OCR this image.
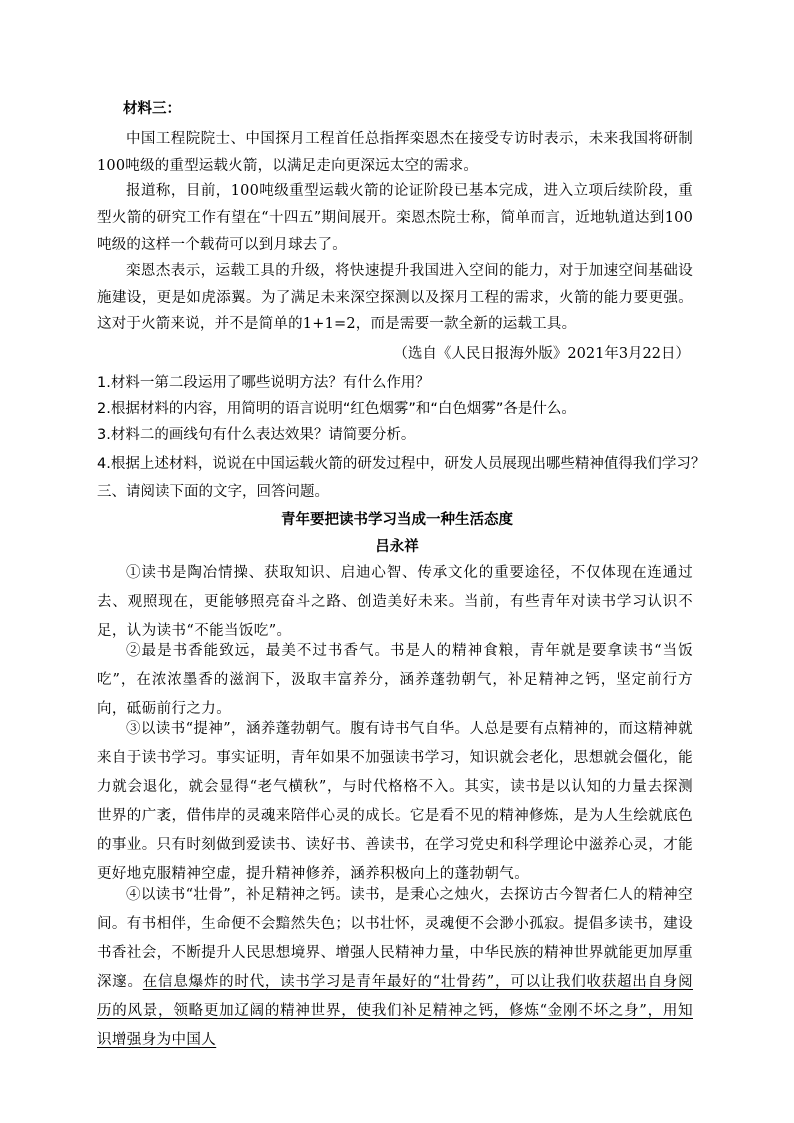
材料三：
中国工程院院士、中国探月工程首任总指挥栾恩杰在接受专访时表示，未来我国将研制100吨级的重型运载火箭，以满足走向更深远太空的需求。
报道称，目前，100吨级重型运载火箭的论证阶段已基本完成，进入立项后续阶段，重型火箭的研究工作有望在“十四五”期间展开。栾恩杰院士称，简单而言，近地轨道达到100吨级的这样一个载荷可以到月球去了。
栾恩杰表示，运载工具的升级，将快速提升我国进入空间的能力，对于加速空间基础设施建设，更是如虎添翼。为了满足未来深空探测以及探月工程的需求，火箭的能力要更强。这对于火箭来说，并不是简单的1+1=2，而是需要一款全新的运载工具。
（选自《人民日报海外版》2021年3月22日）
1.材料一第二段运用了哪些说明方法？有什么作用？
2.根据材料的内容，用简明的语言说明“红色烟雾”和“白色烟雾”各是什么。
3.材料二的画线句有什么表达效果？请简要分析。
4.根据上述材料，说说在中国运载火箭的研发过程中，研发人员展现出哪些精神值得我们学习？
三、请阅读下面的文字，回答问题。
青年要把读书学习当成一种生活态度
吕永祥
①读书是陶冶情操、获取知识、启迪心智、传承文化的重要途径，不仅体现在连通过去、观照现在，更能够照亮奋斗之路、创造美好未来。当前，有些青年对读书学习认识不足，认为读书“不能当饭吃”。
②最是书香能致远，最美不过书香气。书是人的精神食粮，青年就是要拿读书“当饭吃”，在浓浓墨香的滋润下，汲取丰富养分，涵养蓬勃朝气，补足精神之钙，坚定前行方向，砥砺前行之力。
③以读书“提神”，涵养蓬勃朝气。腹有诗书气自华。人总是要有点精神的，而这精神就来自于读书学习。事实证明，青年如果不加强读书学习，知识就会老化，思想就会僵化，能力就会退化，就会显得“老气横秋”，与时代格格不入。其实，读书是以认知的力量去探测世界的广袤，借伟岸的灵魂来陪伴心灵的成长。它是看不见的精神修炼，是为人生绘就底色的事业。只有时刻做到爱读书、读好书、善读书，在学习党史和科学理论中滋养心灵，才能更好地克服精神空虚，提升精神修养，涵养积极向上的蓬勃朝气。
④以读书“壮骨”，补足精神之钙。读书，是秉心之烛火，去探访古今智者仁人的精神空间。有书相伴，生命便不会黯然失色；以书壮怀，灵魂便不会渺小孤寂。提倡多读书，建设书香社会，不断提升人民思想境界、增强人民精神力量，中华民族的精神世界就能更加厚重深邃。在信息爆炸的时代，读书学习是青年最好的“壮骨药”，可以让我们收获超出自身阅历的风景，领略更加辽阔的精神世界，使我们补足精神之钙，修炼“金刚不坏之身”，用知识增强身为中国人
